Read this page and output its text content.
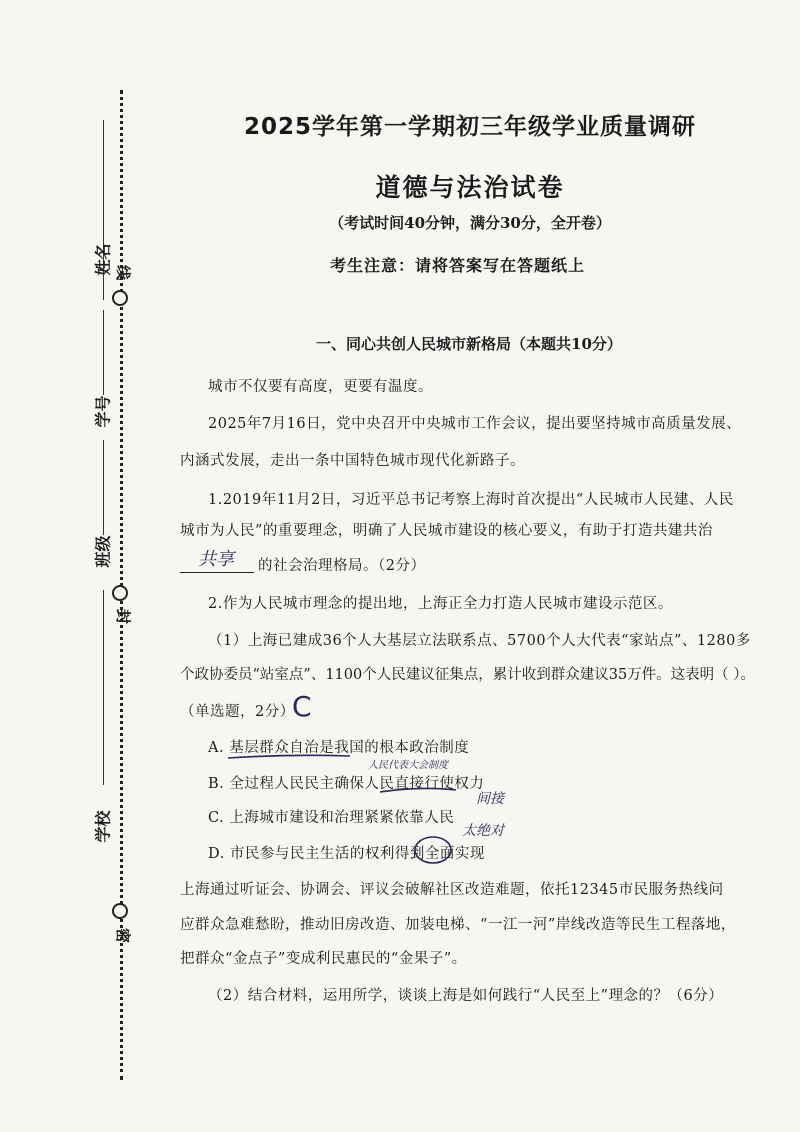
线
封
密
姓名
学号
班级
学校
2025学年第一学期初三年级学业质量调研
道德与法治试卷
（考试时间40分钟，满分30分，全开卷）
考生注意：请将答案写在答题纸上
一、同心共创人民城市新格局（本题共10分）
城市不仅要有高度，更要有温度。
2025年7月16日，党中央召开中央城市工作会议，提出要坚持城市高质量发展、
内涵式发展，走出一条中国特色城市现代化新路子。
1.2019年11月2日，习近平总书记考察上海时首次提出“人民城市人民建、人民
城市为人民”的重要理念，明确了人民城市建设的核心要义，有助于打造共建共治
共享 的社会治理格局。（2分）
2.作为人民城市理念的提出地，上海正全力打造人民城市建设示范区。
（1）上海已建成36个人大基层立法联系点、5700个人大代表“家站点”、1280多
个政协委员“站室点”、1100个人民建议征集点，累计收到群众建议35万件。这表明（ ）。
（单选题，2分）
C
A. 基层群众自治是我国的根本政治制度
人民代表大会制度
B. 全过程人民民主确保人民直接行使权力
间接
C. 上海城市建设和治理紧紧依靠人民
太绝对
D. 市民参与民主生活的权利得到全面实现
上海通过听证会、协调会、评议会破解社区改造难题，依托12345市民服务热线问
应群众急难愁盼，推动旧房改造、加装电梯、“一江一河”岸线改造等民生工程落地，
把群众“金点子”变成利民惠民的“金果子”。
（2）结合材料，运用所学，谈谈上海是如何践行“人民至上”理念的？（6分）
